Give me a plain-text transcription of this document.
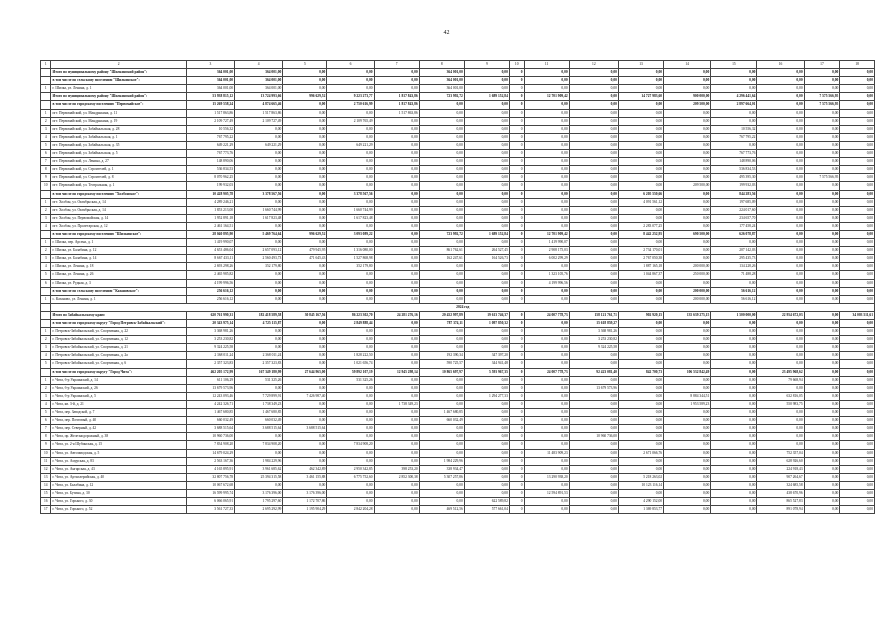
42
1	2	3	4	5	6	7	8	9	10	11	12	13	14	15	16	17	18
	Итого по муниципальному району "Шилкинский район":	364 001,00	364 001,00	0,00	0,00	0,00	364 001,00	0,00	0	0,00	0,00	0,00	0,00	0,00	0,00	0,00	0,00
	в том числе по сельскому поселению "Шилкинское":	364 001,00	364 001,00	0,00	0,00	0,00	364 001,00	0,00	0	0,00	0,00	0,00	0,00	0,00	0,00	0,00	0,00
1	г. Шилка, ул. Ленина, д. 1	364 001,00	364 001,00	0,00	0,00	0,00	364 001,00	0,00	0	0,00	0,00	0,00	0,00	0,00	0,00	0,00	0,00
	Итого по муниципальному району "Шилкинский район":	53 938 815,12	13 724 993,66	996 629,52	9 223 273,77	1 817 843,86	723 992,72	1 689 152,84	0	12 701 909,42	0,00	14 727 983,60	900 000,00	4 296 441,64	0,00	7 575 566,95	0,00
	в том числе по городскому поселению "Первомайское":	15 269 558,24	4 874 665,46	0,00	2 750 616,99	1 817 843,86	0,00	0,00	0	0,00	0,00	0,00	209 500,00	2 897 664,01	0,00	7 575 566,95	0,00
1	пгт. Первомайский, ул. Мандрыкина, д. 11	1 517 863,86	1 517 863,86	0,00	0,00	1 517 863,86	0,00	0,00	0	0,00	0,00	0,00	0,00	0,00	0,00	0,00	0,00
2	пгт. Первомайский, ул. Мандрыкина, д. 19	2 109 727,49	2 109 727,49	0,00	2 109 765,49	0,00	0,00	0,00	0	0,00	0,00	0,00	0,00	0,00	0,00	0,00	0,00
3	пгт. Первомайский, ул. Забайкальская, д. 28	10 556,32	0,00	0,00	0,00	0,00	0,00	0,00	0	0,00	0,00	0,00	0,00	10 556,32	0,00	0,00	0,00
4	пгт. Первомайский, ул. Забайкальская, д. 1	767 795,22	0,00	0,00	0,00	0,00	0,00	0,00	0	0,00	0,00	0,00	0,00	767 795,22	0,00	0,00	0,00
5	пгт. Первомайский, ул. Забайкальская, д. 35	649 221,29	649 221,29	0,00	649 221,29	0,00	0,00	0,00	0	0,00	0,00	0,00	0,00	0,00	0,00	0,00	0,00
6	пгт. Первомайский, ул. Забайкальская, д. 5	767 773,76	0,00	0,00	0,00	0,00	0,00	0,00	0	0,00	0,00	0,00	0,00	767 773,76	0,00	0,00	0,00
7	пгт. Первомайский, ул. Ленина, д. 27	148 890,06	0,00	0,00	0,00	0,00	0,00	0,00	0	0,00	0,00	0,00	0,00	148 890,06	0,00	0,00	0,00
8	пгт. Первомайский, ул. Строителей, д. 1	536 834,53	0,00	0,00	0,00	0,00	0,00	0,00	0	0,00	0,00	0,00	0,00	536 834,53	0,00	0,00	0,00
9	пгт. Первомайский, ул. Строителей, д. 8	8 070 962,25	0,00	0,00	0,00	0,00	0,00	0,00	0	0,00	0,00	0,00	0,00	495 395,30	0,00	7 575 566,95	0,00
10	пгт. Первомайский, ул. Театральная, д. 1	199 932,03	0,00	0,00	0,00	0,00	0,00	0,00	0	0,00	0,00	0,00	209 500,00	199 932,03	0,00	0,00	0,00
	в том числе по городскому поселению "Холбонское":	10 428 905,78	3 378 567,56	0,00	3 378 567,56	0,00	0,00	0,00	0	0,00	0,00	6 205 550,66	0,00	844 283,56	0,00	0,00	0,00
1	пгт. Холбон, ул. Октябрьская, д. 14	4 289 246,21	0,00	0,00	0,00	0,00	0,00	0,00	0	0,00	0,00	4 091 561,12	0,00	197 685,09	0,00	0,00	0,00
2	пгт. Холбон, ул. Октябрьская, д. 14	1 853 213,00	1 660 744,99	0,00	1 660 744,99	0,00	0,00	0,00	0	0,00	0,00	0,00	0,00	224 017,60	0,00	0,00	0,00
3	пгт. Холбон, ул. Первомайская, д. 14	1 952 891,18	1 617 823,48	0,00	1 617 823,48	0,00	0,00	0,00	0	0,00	0,00	0,00	0,00	234 657,70	0,00	0,00	0,00
4	пгт. Холбон, ул. Пролетарская, д. 12	2 461 164,51	0,00	0,00	0,00	0,00	0,00	0,00	0	0,00	0,00	2 283 077,25	0,00	177 458,24	0,00	0,00	0,00
	в том числе по городскому поселению "Шилкинское":	28 040 895,90	5 469 764,64	996 629,52	3 093 089,22	0,00	723 992,72	1 689 152,84	0	12 701 909,42	0,00	8 442 252,95	690 500,00	626 078,87	0,00	0,00	0,00
1	г. Шилка, пер. Арсена, д. 1	1 419 990,07	0,00	0,00	0,00	0,00	0,00	0,00	0	1 419 990,07	0,00	0,00	0,00	0,00	0,00	0,00	0,00
2	г. Шилка, ул. Балабина, д. 12	4 653 486,04	2 657 093,12	479 945,95	1 316 080,00	0,00	861 762,61	264 527,45	0	2 908 175,03	0,00	2 734 170,01	0,00	207 142,03	0,00	0,00	0,00
3	г. Шилка, ул. Балабина, д. 14	8 667 433,11	2 560 493,73	471 645,43	1 527 868,98	0,00	162 247,61	164 526,73	0	6 002 299,29	0,00	2 767 050,38	0,00	295 435,73	0,00	0,00	0,00
4	г. Шилка, ул. Ленина, д. 18	2 693 298,26	352 179,80	0,00	352 179,80	0,00	0,00	0,00	0	0,00	0,00	1 887 165,18	200 000,00	134 228,26	0,00	0,00	0,00
5	г. Шилка, ул. Ленина, д. 26	2 465 985,82	0,00	0,00	0,00	0,00	0,00	0,00	0	1 323 105,76	0,00	1 044 867,37	250 000,00	71 488,28	0,00	0,00	0,00
6	г. Шилка, ул. Рудная, д. 3	4 199 996,56	0,00	0,00	0,00	0,00	0,00	0,00	0	4 199 996,56	0,00	0,00	0,00	0,00	0,00	0,00	0,00
	в том числе по сельскому поселению "Казановское":	256 616,12	0,00	0,00	0,00	0,00	0,00	0,00	0	0,00	0,00	0,00	200 000,00	56 616,12	0,00	0,00	0,00
1	с. Казаново, ул. Ленина, д. 1	256 616,12	0,00	0,00	0,00	0,00	0,00	0,00	0	0,00	0,00	0,00	200 000,00	56 616,12	0,00	0,00	0,00
	2024 год																
	Итого по Забайкальскому краю:	620 761 990,31	182 418 589,58	30 845 167,56	86 223 302,70	24 281 276,16	20 452 997,89	19 613 746,37	0	24 007 778,73	158 121 761,71	902 920,15	135 639 275,15	1 500 000,00	22 954 672,03	0,00	34 003 511,61
	в том числе по городскому округу "Город Петровск-Забайкальский":	20 343 975,14	4 725 115,87	0,00	2 849 888,44	0,00	787 374,11	1 097 850,32	0	0,00	15 618 859,27	0,00	0,00	0,00	0,00	0,00	0,00
1	г. Петровск-Забайкальский, ул. Спортивная, д. 22	3 368 981,26	0,00	0,00	0,00	0,00	0,00	0,00	0	0,00	3 368 981,26	0,00	0,00	0,00	0,00	0,00	0,00
2	г. Петровск-Забайкальский, ул. Спортивная, д. 12	3 253 230,82	0,00	0,00	0,00	0,00	0,00	0,00	0	0,00	3 253 230,82	0,00	0,00	0,00	0,00	0,00	0,00
3	г. Петровск-Забайкальский, ул. Спортивная, д. 21	9 324 225,58	0,00	0,00	0,00	0,00	0,00	0,00	0	0,00	9 324 225,58	0,00	0,00	0,00	0,00	0,00	0,00
4	г. Петровск-Забайкальский, ул. Спортивная, д. 2а	2 368 011,24	2 368 011,24	0,00	1 828 222,50	0,00	192 390,34	347 397,20	0	0,00	0,00	0,00	0,00	0,00	0,00	0,00	0,00
5	г. Петровск-Забайкальский, ул. Спортивная, д. 6	2 357 323,83	2 357 323,83	0,00	1 021 656,74	0,00	590 725,57	344 941,48	0	0,00	0,00	0,00	0,00	0,00	0,00	0,00	0,00
	в том числе по городскому округу "Город Чита":	462 205 172,99	167 349 180,99	27 644 965,00	59 892 107,19	12 945 298,14	10 865 697,97	5 593 967,35	0	24 007 778,73	92 423 081,40	842 700,73	106 532 842,49	0,00	23 495 968,62	0,00	0,00
1	г. Чита, б-р Украинский, д. 14	611 106,29	531 325,26	0,00	531 325,26	0,00	0,00	0,00	0	0,00	0,00	0,00	0,00	0,00	79 668,94	0,00	0,00
2	г. Чита, б-р Украинский, д. 26	13 679 573,96	0,00	0,00	0,00	0,00	0,00	0,00	0	0,00	13 679 573,96	0,00	0,00	0,00	0,00	0,00	0,00
3	г. Чита, б-р Украинский, д. 5	12 243 093,46	7 729 899,91	7 426 987,40	0,00	0,00	0,00	1 294 277,33	0	0,00	0,00	0,00	8 884 344,51	0,00	632 816,05	0,00	0,00
4	г. Чита, кв. 3-й, д. 21	4 242 326,71	1 738 349,23	0,00	0,00	1 738 349,23	0,00	0,00	0	0,00	0,00	0,00	1 953 589,23	0,00	550 983,75	0,00	0,00
5	г. Чита, пер. Заводской, д. 7	1 467 680,85	1 467 680,85	0,00	0,00	0,00	1 467 680,85	0,00	0	0,00	0,00	0,00	0,00	0,00	0,00	0,00	0,00
6	г. Чита, пер. Почтовый, д. 40	660 032,49	660 032,49	0,00	0,00	0,00	660 032,49	0,00	0	0,00	0,00	0,00	0,00	0,00	0,00	0,00	0,00
7	г. Чита, пер. Северный, д. 42	3 688 515,64	3 688 515,64	3 688 515,64	0,00	0,00	0,00	0,00	0	0,00	0,00	0,00	0,00	0,00	0,00	0,00	0,00
8	г. Чита, пр. Железнодорожный, д. 38	10 960 736,00	0,00	0,00	0,00	0,00	0,00	0,00	0	0,00	10 960 736,00	0,00	0,00	0,00	0,00	0,00	0,00
9	г. Чита, ул. 2-я Шубинская, д. 15	7 834 908,20	7 834 908,20	0,00	7 834 908,20	0,00	0,00	0,00	0	0,00	0,00	0,00	0,00	0,00	0,00	0,00	0,00
10	г. Чита, ул. Автозаводская, д. 5	14 679 024,29	0,00	0,00	0,00	0,00	0,00	0,00	0	11 483 909,23	0,00	2 671 066,76	0,00	0,00	752 357,04	0,00	0,00
11	г. Чита, ул. Амурская, д. 83	2 563 167,36	1 984 229,96	0,00	0,00	0,00	1 984 229,96	0,00	0	0,00	0,00	0,00	0,00	0,00	628 926,60	0,00	0,00
12	г. Чита, ул. Ангарская, д. 43	4 165 895,91	3 961 685,62	462 342,89	2 950 342,85	398 253,20	338 934,47	0,00	0	0,00	0,00	0,00	0,00	0,00	224 918,43	0,00	0,00
13	г. Чита, ул. Артиллерийская, д. 40	32 807 756,78	25 394 315,58	3 461 155,88	6 775 752,60	2 852 300,38	5 307 257,86	0,00	0	13 290 938,20	0,00	5 218 263,02	0,00	0,00	907 264,67	0,00	0,00
14	г. Чита, ул. Балабина, д. 12	10 067 672,68	0,00	0,00	0,00	0,00	0,00	0,00	0	0,00	0,00	10 123 116,14	0,00	0,00	324 685,58	0,00	0,00
15	г. Чита, ул. Бутина, д. 30	16 599 995,74	3 176 396,00	3 176 396,00	0,00	0,00	0,00	0,00	0	12 594 891,53	0,00	0,00	0,00	0,00	438 670,96	0,00	0,00
16	г. Чита, ул. Горького, д. 30	6 066 065,91	1 795 297,60	1 172 707,86	0,00	0,00	0,00	622 589,82	0	0,00	0,00	4 290 152,00	0,00	0,00	865 527,83	0,00	0,00
17	г. Чита, ул. Горького, д. 52	3 561 727,33	2 695 292,99	1 195 904,29	2 842 204,28	0,00	469 512,56	577 661,04	0	0,00	0,00	1 369 853,77	0,00	0,00	891 078,94	0,00	0,00
